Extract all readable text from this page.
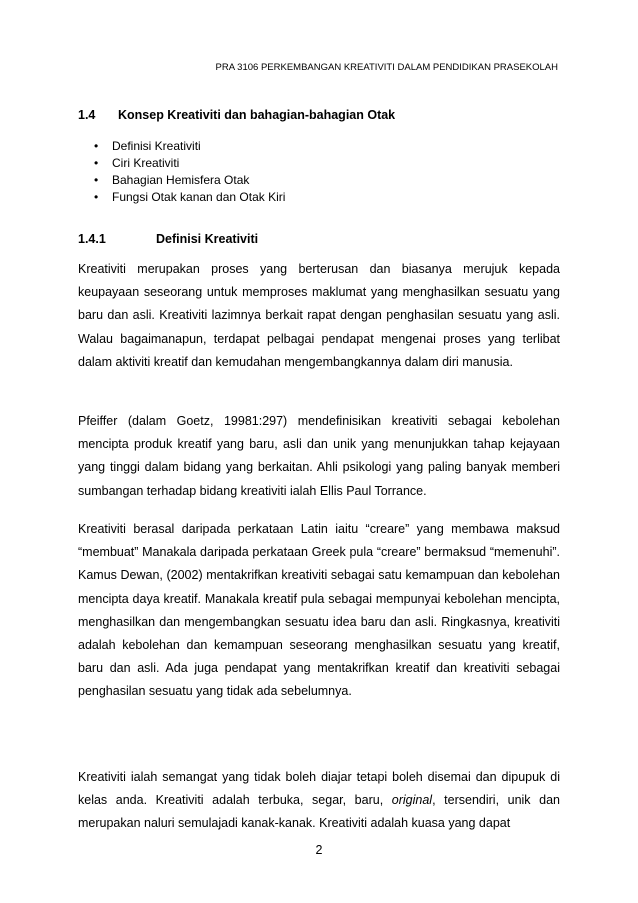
PRA 3106 PERKEMBANGAN KREATIVITI DALAM PENDIDIKAN PRASEKOLAH
1.4 Konsep Kreativiti dan bahagian-bahagian Otak
• Definisi Kreativiti
• Ciri Kreativiti
• Bahagian Hemisfera Otak
• Fungsi Otak kanan dan Otak Kiri
1.4.1	Definisi Kreativiti

Kreativiti merupakan proses yang berterusan dan biasanya merujuk kepada keupayaan seseorang untuk memproses maklumat yang menghasilkan sesuatu yang baru dan asli. Kreativiti lazimnya berkait rapat dengan penghasilan sesuatu yang asli. Walau bagaimanapun, terdapat pelbagai pendapat mengenai proses yang terlibat dalam aktiviti kreatif dan kemudahan mengembangkannya dalam diri manusia.

Pfeiffer (dalam Goetz, 19981:297) mendefinisikan kreativiti sebagai kebolehan mencipta produk kreatif yang baru, asli dan unik yang menunjukkan tahap kejayaan yang tinggi dalam bidang yang berkaitan. Ahli psikologi yang paling banyak memberi sumbangan terhadap bidang kreativiti ialah Ellis Paul Torrance.

Kreativiti berasal daripada perkataan Latin iaitu “creare” yang membawa maksud “membuat” Manakala daripada perkataan Greek pula “creare” bermaksud “memenuhi”. Kamus Dewan, (2002) mentakrifkan kreativiti sebagai satu kemampuan dan kebolehan mencipta daya kreatif. Manakala kreatif pula sebagai mempunyai kebolehan mencipta, menghasilkan dan mengembangkan sesuatu idea baru dan asli. Ringkasnya, kreativiti adalah kebolehan dan kemampuan seseorang menghasilkan sesuatu yang kreatif, baru dan asli. Ada juga pendapat yang mentakrifkan kreatif dan kreativiti sebagai penghasilan sesuatu yang tidak ada sebelumnya.

Kreativiti ialah semangat yang tidak boleh diajar tetapi boleh disemai dan dipupuk di kelas anda. Kreativiti adalah terbuka, segar, baru, original, tersendiri, unik dan merupakan naluri semulajadi kanak-kanak. Kreativiti adalah kuasa yang dapat

2
